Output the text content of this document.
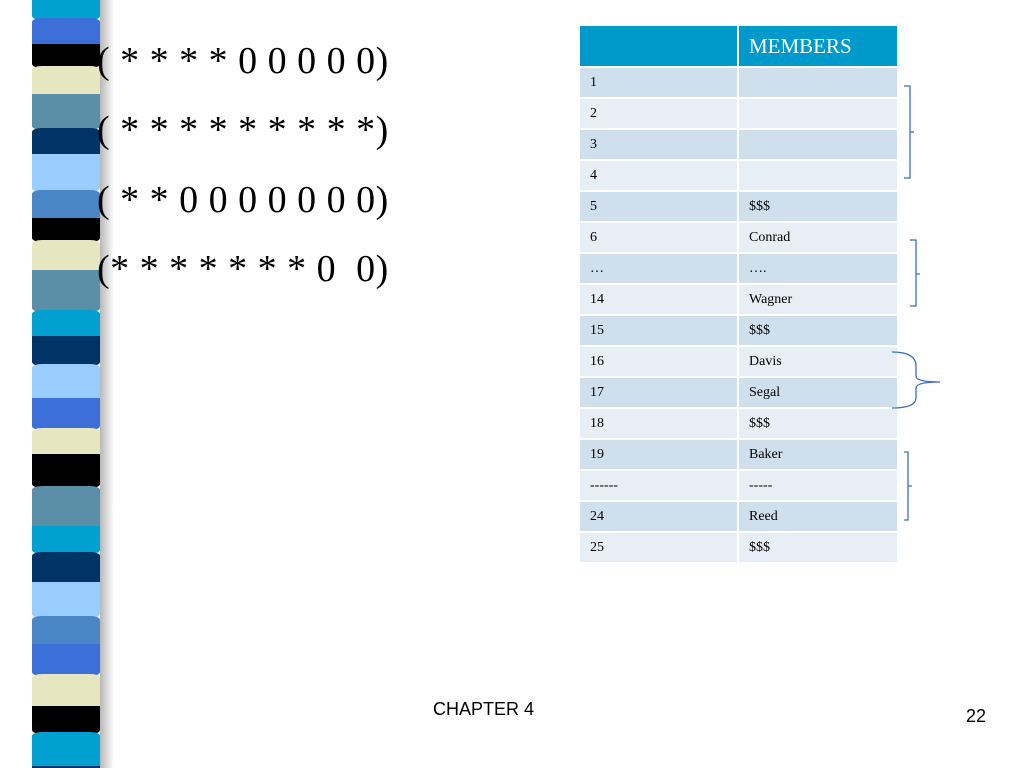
( * * * * 0 0 0 0 0)
( * * * * * * * * *)
( * * 0 0 0 0 0 0 0)
(* * * * * * * 0  0)
	MEMBERS
1	
2	
3	
4	
5	$$$
6	Conrad
…	….
14	Wagner
15	$$$
16	Davis
17	Segal
18	$$$
19	Baker
------	-----
24	Reed
25	$$$
CHAPTER 4	22
